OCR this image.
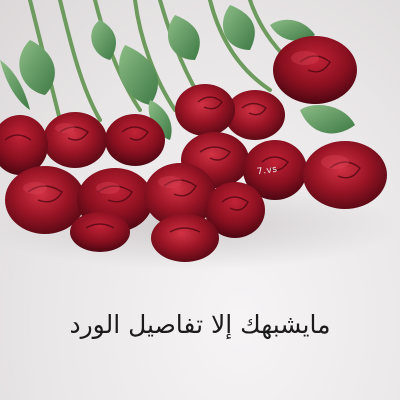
7.vs
مايشبهك إلا تفاصيل الورد
